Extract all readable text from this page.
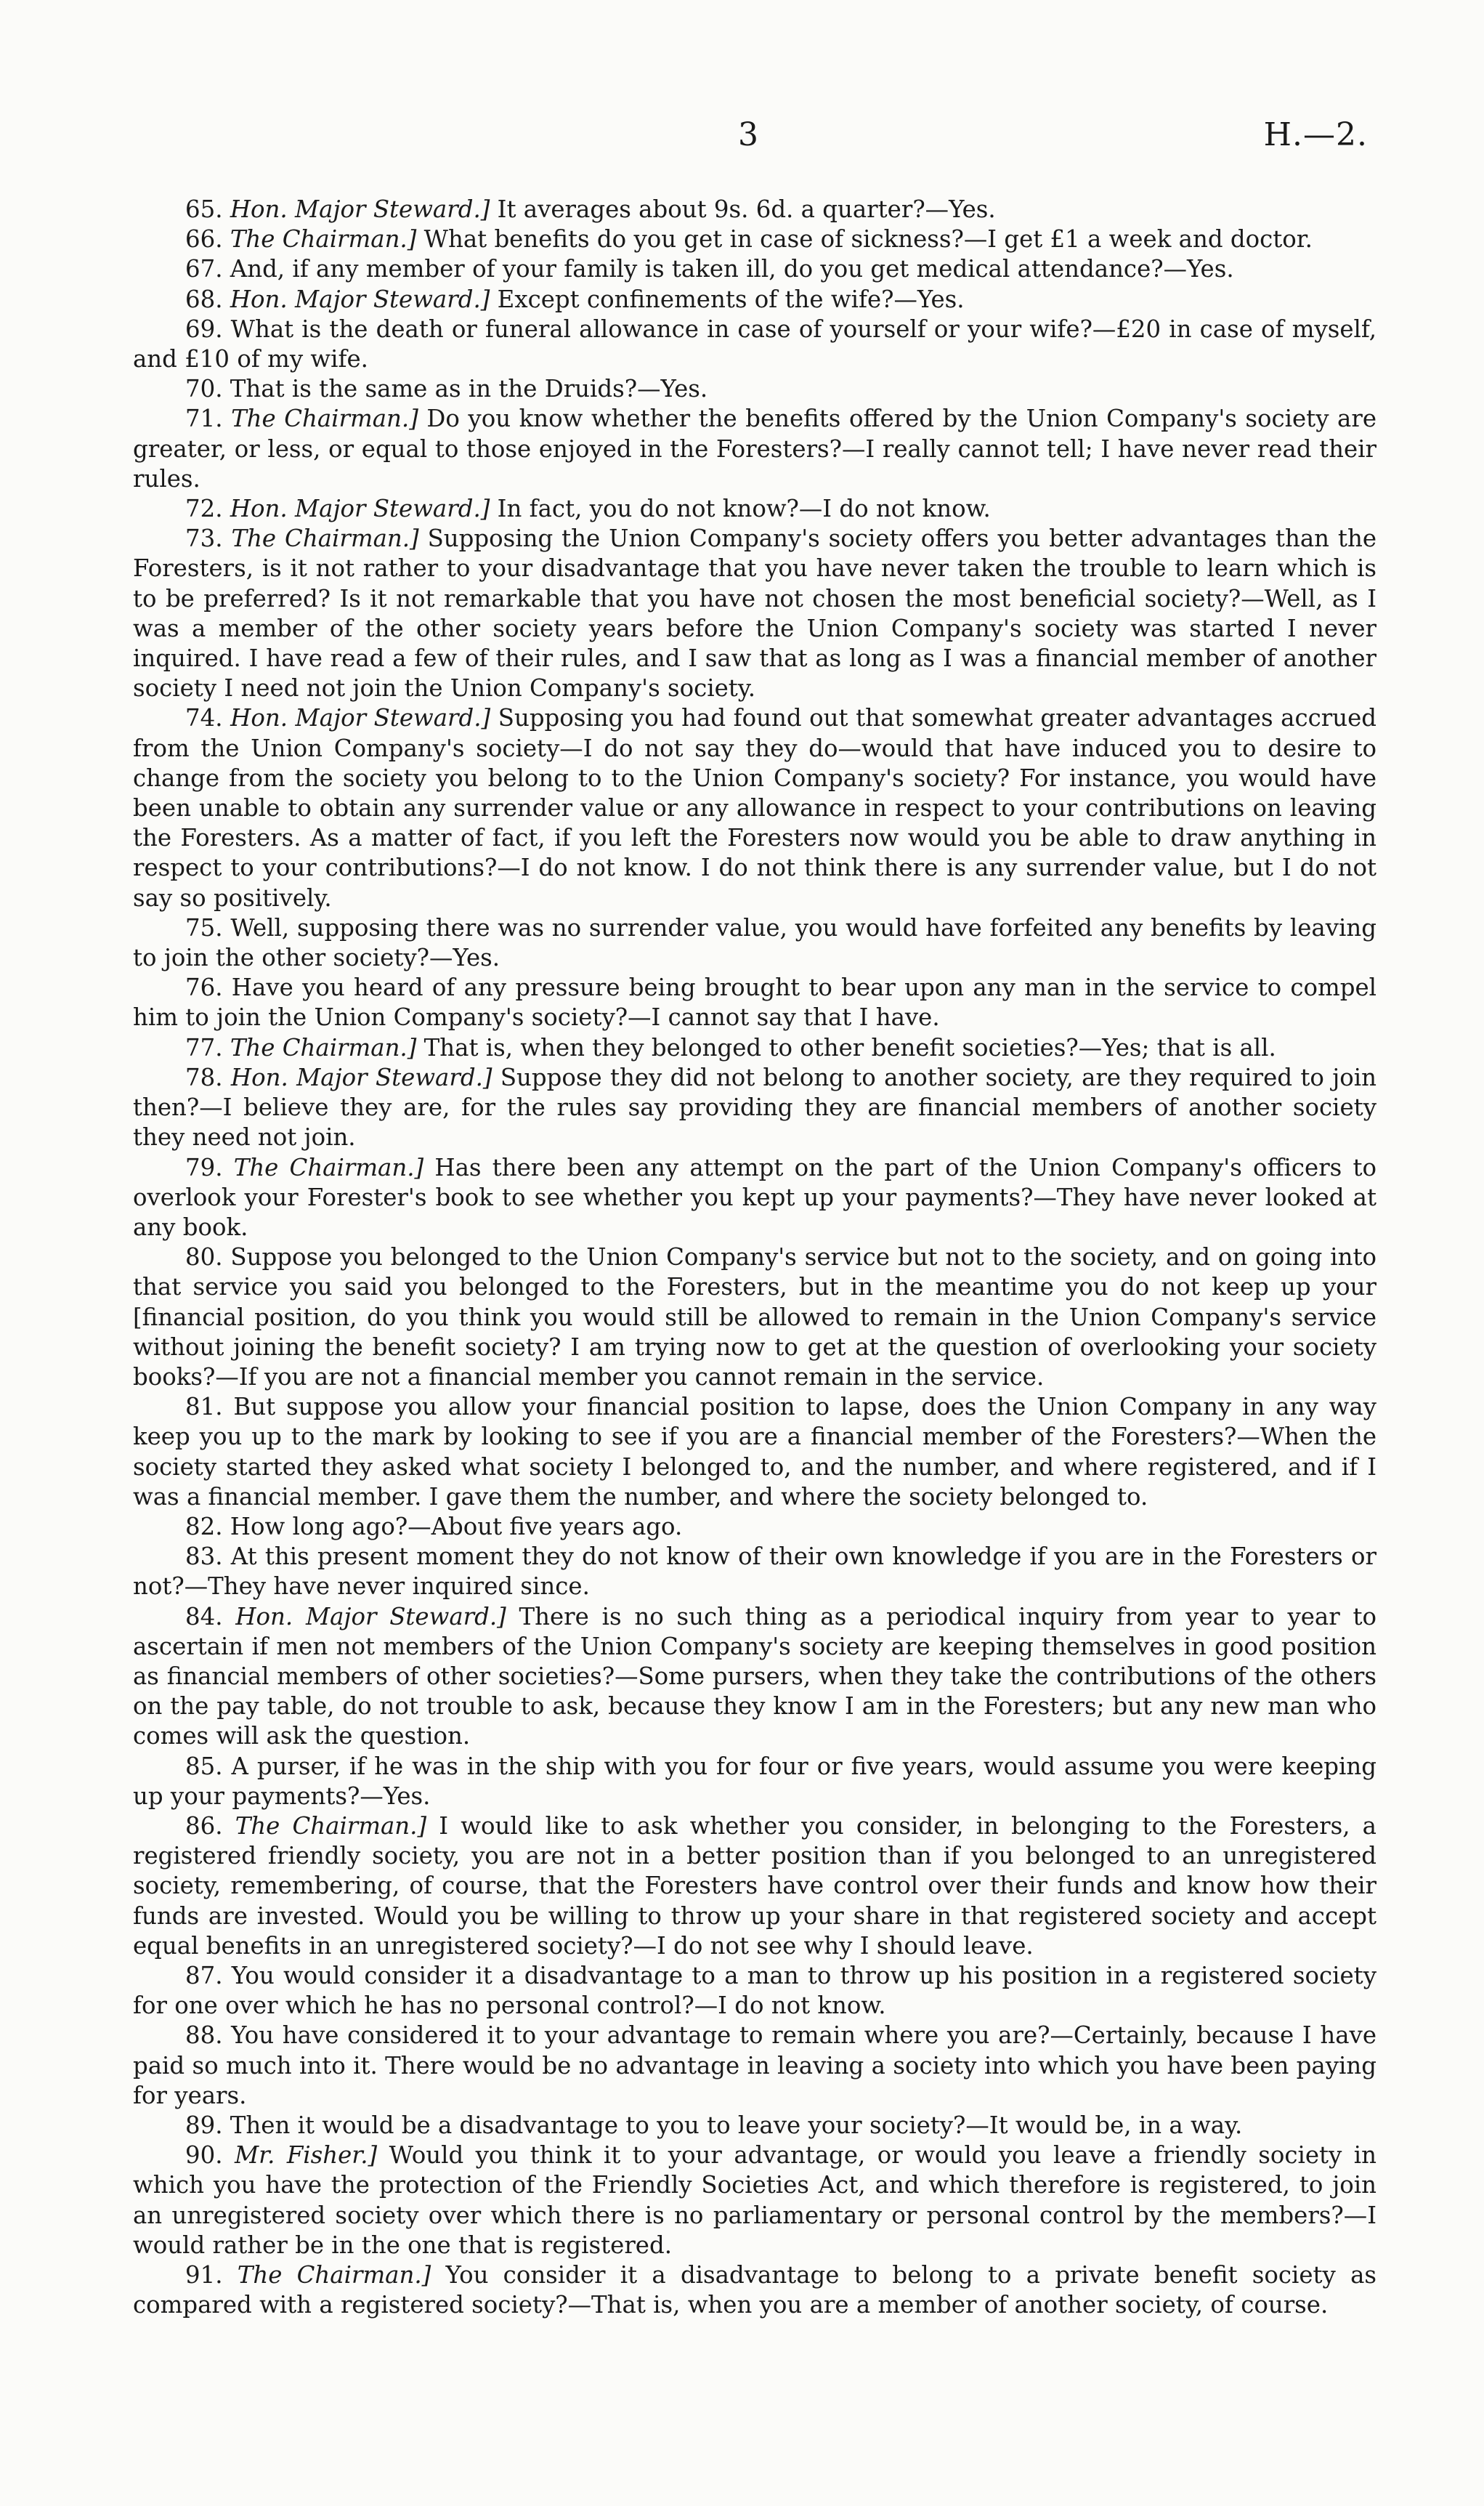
3	H.—2.

65. Hon. Major Steward.] It averages about 9s. 6d. a quarter?—Yes.

66. The Chairman.] What benefits do you get in case of sickness?—I get £1 a week and doctor.

67. And, if any member of your family is taken ill, do you get medical attendance?—Yes.

68. Hon. Major Steward.] Except confinements of the wife?—Yes.

69. What is the death or funeral allowance in case of yourself or your wife?—£20 in case of myself, and £10 of my wife.

70. That is the same as in the Druids?—Yes.

71. The Chairman.] Do you know whether the benefits offered by the Union Company's society are greater, or less, or equal to those enjoyed in the Foresters?—I really cannot tell; I have never read their rules.

72. Hon. Major Steward.] In fact, you do not know?—I do not know.

73. The Chairman.] Supposing the Union Company's society offers you better advantages than the Foresters, is it not rather to your disadvantage that you have never taken the trouble to learn which is to be preferred? Is it not remarkable that you have not chosen the most beneficial society?—Well, as I was a member of the other society years before the Union Company's society was started I never inquired. I have read a few of their rules, and I saw that as long as I was a financial member of another society I need not join the Union Company's society.

74. Hon. Major Steward.] Supposing you had found out that somewhat greater advantages accrued from the Union Company's society—I do not say they do—would that have induced you to desire to change from the society you belong to to the Union Company's society? For instance, you would have been unable to obtain any surrender value or any allowance in respect to your contributions on leaving the Foresters. As a matter of fact, if you left the Foresters now would you be able to draw anything in respect to your contributions?—I do not know. I do not think there is any surrender value, but I do not say so positively.

75. Well, supposing there was no surrender value, you would have forfeited any benefits by leaving to join the other society?—Yes.

76. Have you heard of any pressure being brought to bear upon any man in the service to compel him to join the Union Company's society?—I cannot say that I have.

77. The Chairman.] That is, when they belonged to other benefit societies?—Yes; that is all.

78. Hon. Major Steward.] Suppose they did not belong to another society, are they required to join then?—I believe they are, for the rules say providing they are financial members of another society they need not join.

79. The Chairman.] Has there been any attempt on the part of the Union Company's officers to overlook your Forester's book to see whether you kept up your payments?—They have never looked at any book.

80. Suppose you belonged to the Union Company's service but not to the society, and on going into that service you said you belonged to the Foresters, but in the meantime you do not keep up your [financial position, do you think you would still be allowed to remain in the Union Company's service without joining the benefit society? I am trying now to get at the question of overlooking your society books?—If you are not a financial member you cannot remain in the service.

81. But suppose you allow your financial position to lapse, does the Union Company in any way keep you up to the mark by looking to see if you are a financial member of the Foresters?—When the society started they asked what society I belonged to, and the number, and where registered, and if I was a financial member. I gave them the number, and where the society belonged to.

82. How long ago?—About five years ago.

83. At this present moment they do not know of their own knowledge if you are in the Foresters or not?—They have never inquired since.

84. Hon. Major Steward.] There is no such thing as a periodical inquiry from year to year to ascertain if men not members of the Union Company's society are keeping themselves in good position as financial members of other societies?—Some pursers, when they take the contributions of the others on the pay table, do not trouble to ask, because they know I am in the Foresters; but any new man who comes will ask the question.

85. A purser, if he was in the ship with you for four or five years, would assume you were keeping up your payments?—Yes.

86. The Chairman.] I would like to ask whether you consider, in belonging to the Foresters, a registered friendly society, you are not in a better position than if you belonged to an unregistered society, remembering, of course, that the Foresters have control over their funds and know how their funds are invested. Would you be willing to throw up your share in that registered society and accept equal benefits in an unregistered society?—I do not see why I should leave.

87. You would consider it a disadvantage to a man to throw up his position in a registered society for one over which he has no personal control?—I do not know.

88. You have considered it to your advantage to remain where you are?—Certainly, because I have paid so much into it. There would be no advantage in leaving a society into which you have been paying for years.

89. Then it would be a disadvantage to you to leave your society?—It would be, in a way.

90. Mr. Fisher.] Would you think it to your advantage, or would you leave a friendly society in which you have the protection of the Friendly Societies Act, and which therefore is registered, to join an unregistered society over which there is no parliamentary or personal control by the members?—I would rather be in the one that is registered.

91. The Chairman.] You consider it a disadvantage to belong to a private benefit society as compared with a registered society?—That is, when you are a member of another society, of course.
